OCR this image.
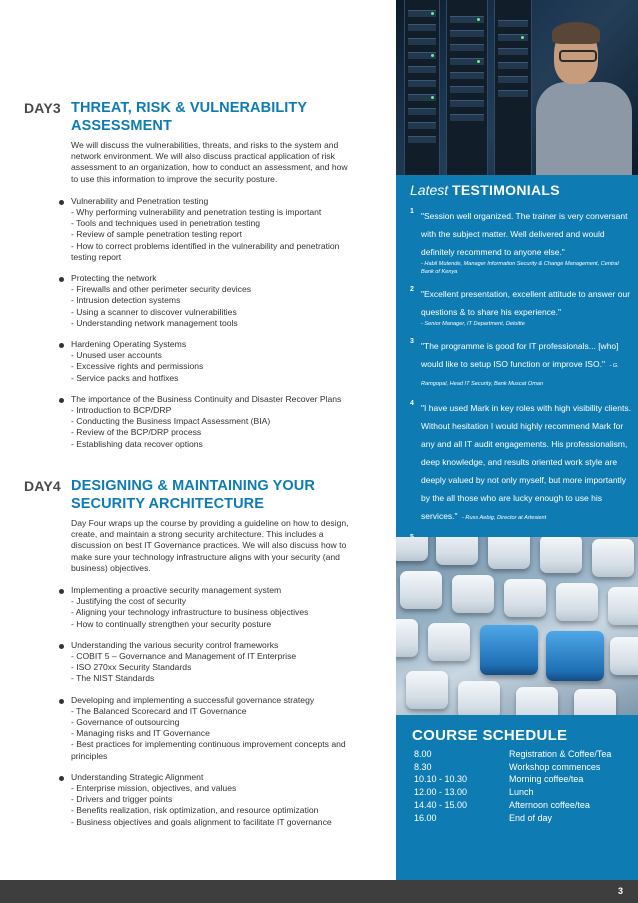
DAY3 THREAT, RISK & VULNERABILITY
ASSESSMENT
We will discuss the vulnerabilities, threats, and risks to the system and
network environment. We will also discuss practical application of risk
assessment to an organization, how to conduct an assessment, and how
to use this information to improve the security posture.
Vulnerability and Penetration testing
- Why performing vulnerability and penetration testing is important
- Tools and techniques used in penetration testing
- Review of sample penetration testing report
- How to correct problems identified in the vulnerability and penetration
testing report
Protecting the network
- Firewalls and other perimeter security devices
- Intrusion detection systems
- Using a scanner to discover vulnerabilities
- Understanding network management tools
Hardening Operating Systems
- Unused user accounts
- Excessive rights and permissions
- Service packs and hotfixes
The importance of the Business Continuity and Disaster Recover Plans
- Introduction to BCP/DRP
- Conducting the Business Impact Assessment (BIA)
- Review of the BCP/DRP process
- Establishing data recover options
DAY4 DESIGNING & MAINTAINING YOUR
SECURITY ARCHITECTURE
Day Four wraps up the course by providing a guideline on how to design,
create, and maintain a strong security architecture. This includes a
discussion on best IT Governance practices. We will also discuss how to
make sure your technology infrastructure aligns with your security (and
business) objectives.
Implementing a proactive security management system
- Justifying the cost of security
- Aligning your technology infrastructure to business objectives
- How to continually strengthen your security posture
Understanding the various security control frameworks
- COBIT 5 – Governance and Management of IT Enterprise
- ISO 270xx Security Standards
- The NIST Standards
Developing and implementing a successful governance strategy
- The Balanced Scorecard and IT Governance
- Governance of outsourcing
- Managing risks and IT Governance
- Best practices for implementing continuous improvement concepts and
principles
Understanding Strategic Alignment
- Enterprise mission, objectives, and values
- Drivers and trigger points
- Benefits realization, risk optimization, and resource optimization
- Business objectives and goals alignment to facilitate IT governance
Latest TESTIMONIALS
1 "Session well organized. The trainer is very conversant with the subject matter. Well delivered and would definitely recommend to anyone else."
- Habil Mutende, Manager Information Security & Change Management, Central Bank of Kenya
2 "Excellent presentation, excellent attitude to answer our questions & to share his experience."
- Senior Manager, IT Department, Deloitte
3 "The programme is good for IT professionals... [who] would like to setup ISO function or improve ISO." - G. Ramgopal, Head IT Security, Bank Muscat Oman
4 "I have used Mark in key roles with high visibility clients. Without hesitation I would highly recommend Mark for any and all IT audit engagements. His professionalism, deep knowledge, and results oriented work style are deeply valued by not only myself, but more importantly by the all those who are lucky enough to use his services." - Russ Aebig, Director at Artesient
COURSE SCHEDULE
8.00	Registration & Coffee/Tea
8.30	Workshop commences
10.10 - 10.30	Morning coffee/tea
12.00 - 13.00	Lunch
14.40 - 15.00	Afternoon coffee/tea
16.00	End of day
3
